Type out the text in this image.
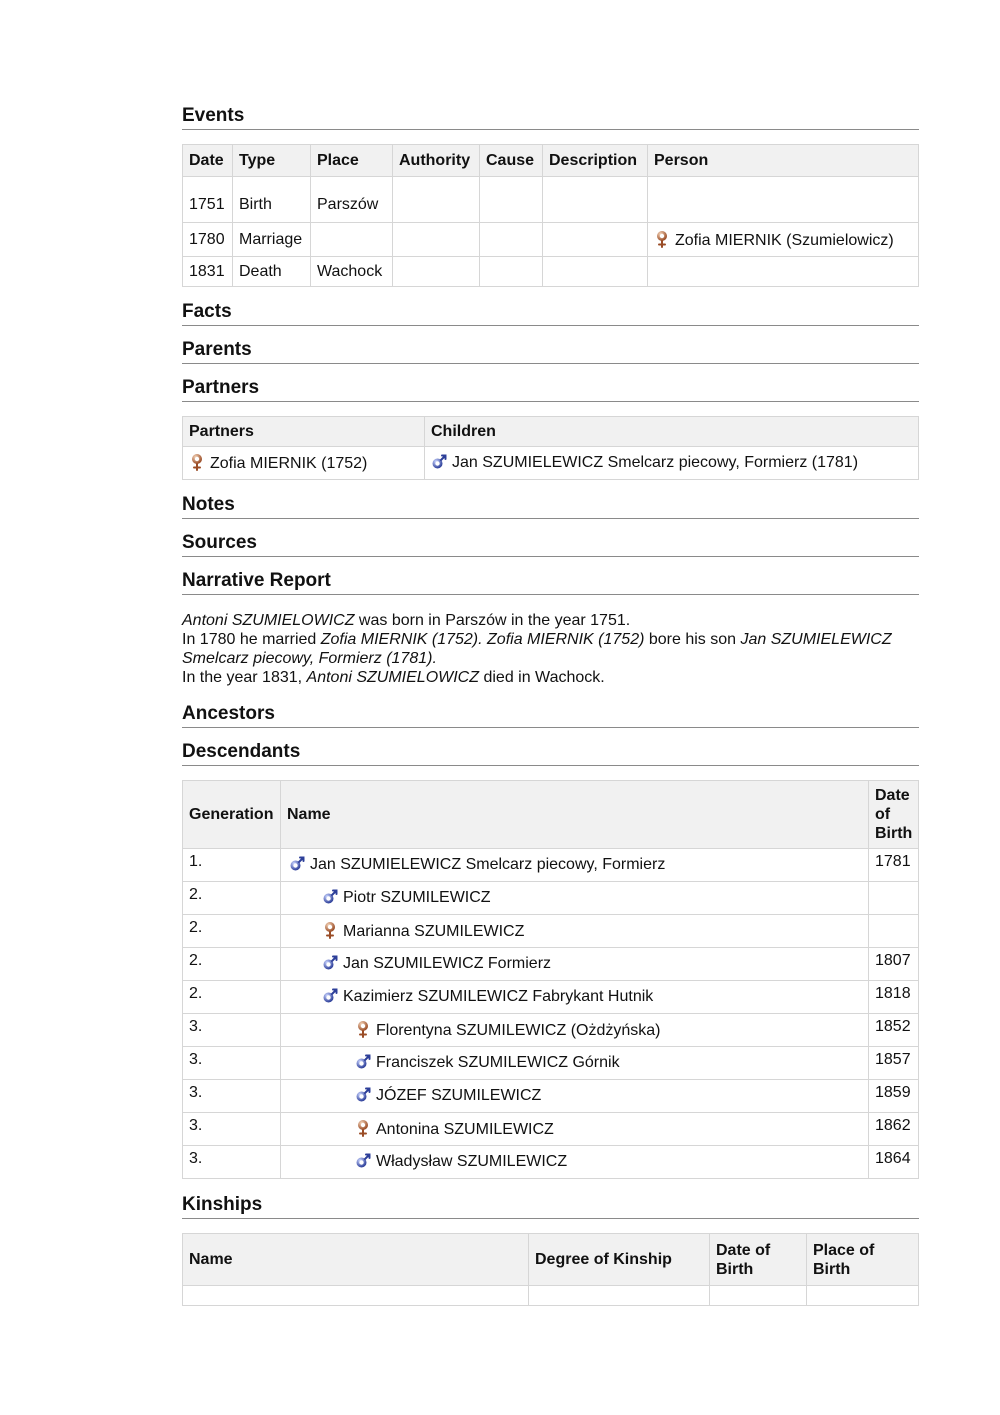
Events
Date	Type	Place	Authority	Cause	Description	Person
1751	Birth	Parszów				
1780	Marriage					Zofia MIERNIK (Szumielowicz)
1831	Death	Wachock				
Facts
Parents
Partners
Partners	Children
Zofia MIERNIK (1752)	Jan SZUMIELEWICZ Smelcarz piecowy, Formierz (1781)
Notes
Sources
Narrative Report
Antoni SZUMIELOWICZ was born in Parszów in the year 1751.
In 1780 he married Zofia MIERNIK (1752). Zofia MIERNIK (1752) bore his son Jan SZUMIELEWICZ Smelcarz piecowy, Formierz (1781).
In the year 1831, Antoni SZUMIELOWICZ died in Wachock.
Ancestors
Descendants
Generation	Name	Date of Birth
1.	Jan SZUMIELEWICZ Smelcarz piecowy, Formierz	1781
2.	Piotr SZUMILEWICZ	
2.	Marianna SZUMILEWICZ	
2.	Jan SZUMILEWICZ Formierz	1807
2.	Kazimierz SZUMILEWICZ Fabrykant Hutnik	1818
3.	Florentyna SZUMILEWICZ (Ożdżyńska)	1852
3.	Franciszek SZUMILEWICZ Górnik	1857
3.	JÓZEF SZUMILEWICZ	1859
3.	Antonina SZUMILEWICZ	1862
3.	Władysław SZUMILEWICZ	1864
Kinships
Name	Degree of Kinship	Date of Birth	Place of Birth
